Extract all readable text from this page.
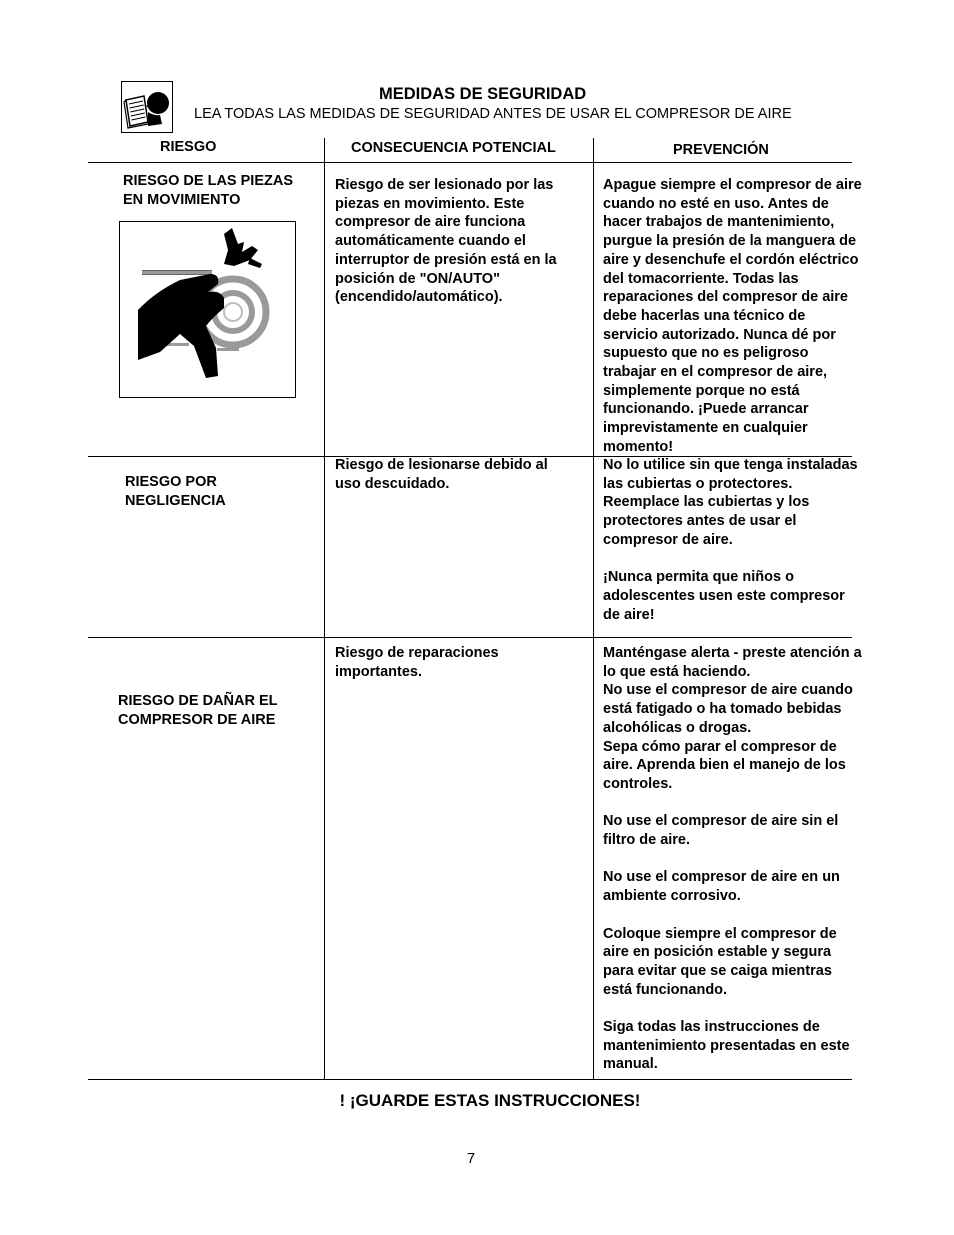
MEDIDAS DE SEGURIDAD
LEA TODAS LAS MEDIDAS DE SEGURIDAD ANTES DE USAR EL COMPRESOR DE AIRE
RIESGO	CONSECUENCIA POTENCIAL	PREVENCIÓN
RIESGO DE LAS PIEZAS
EN MOVIMIENTO
Riesgo de ser lesionado por las
piezas en movimiento. Este
compresor de aire funciona
automáticamente cuando el
interruptor de presión está en la
posición de "ON/AUTO"
(encendido/automático).
Apague siempre el compresor de aire
cuando no esté en uso. Antes de
hacer trabajos de mantenimiento,
purgue la presión de la manguera de
aire y desenchufe el cordón eléctrico
del tomacorriente. Todas las
reparaciones del compresor de aire
debe hacerlas una técnico de
servicio autorizado. Nunca dé por
supuesto que no es peligroso
trabajar en el compresor de aire,
simplemente porque no está
funcionando. ¡Puede arrancar
imprevistamente en cualquier
momento!
RIESGO POR
NEGLIGENCIA
Riesgo de lesionarse debido al
uso descuidado.
No lo utilice sin que tenga instaladas
las cubiertas o protectores.
Reemplace las cubiertas y los
protectores antes de usar el
compresor de aire.

¡Nunca permita que niños o
adolescentes usen este compresor
de aire!
RIESGO DE DAÑAR EL
COMPRESOR DE AIRE
Riesgo de reparaciones
importantes.
Manténgase alerta - preste atención a
lo que está haciendo.
No use el compresor de aire cuando
está fatigado o ha tomado bebidas
alcohólicas o drogas.
Sepa cómo parar el compresor de
aire. Aprenda bien el manejo de los
controles.

No use el compresor de aire sin el
filtro de aire.

No use el compresor de aire en un
ambiente corrosivo.

Coloque siempre el compresor de
aire en posición estable y segura
para evitar que se caiga mientras
está funcionando.

Siga todas las instrucciones de
mantenimiento presentadas en este
manual.
! ¡GUARDE ESTAS INSTRUCCIONES!
7
